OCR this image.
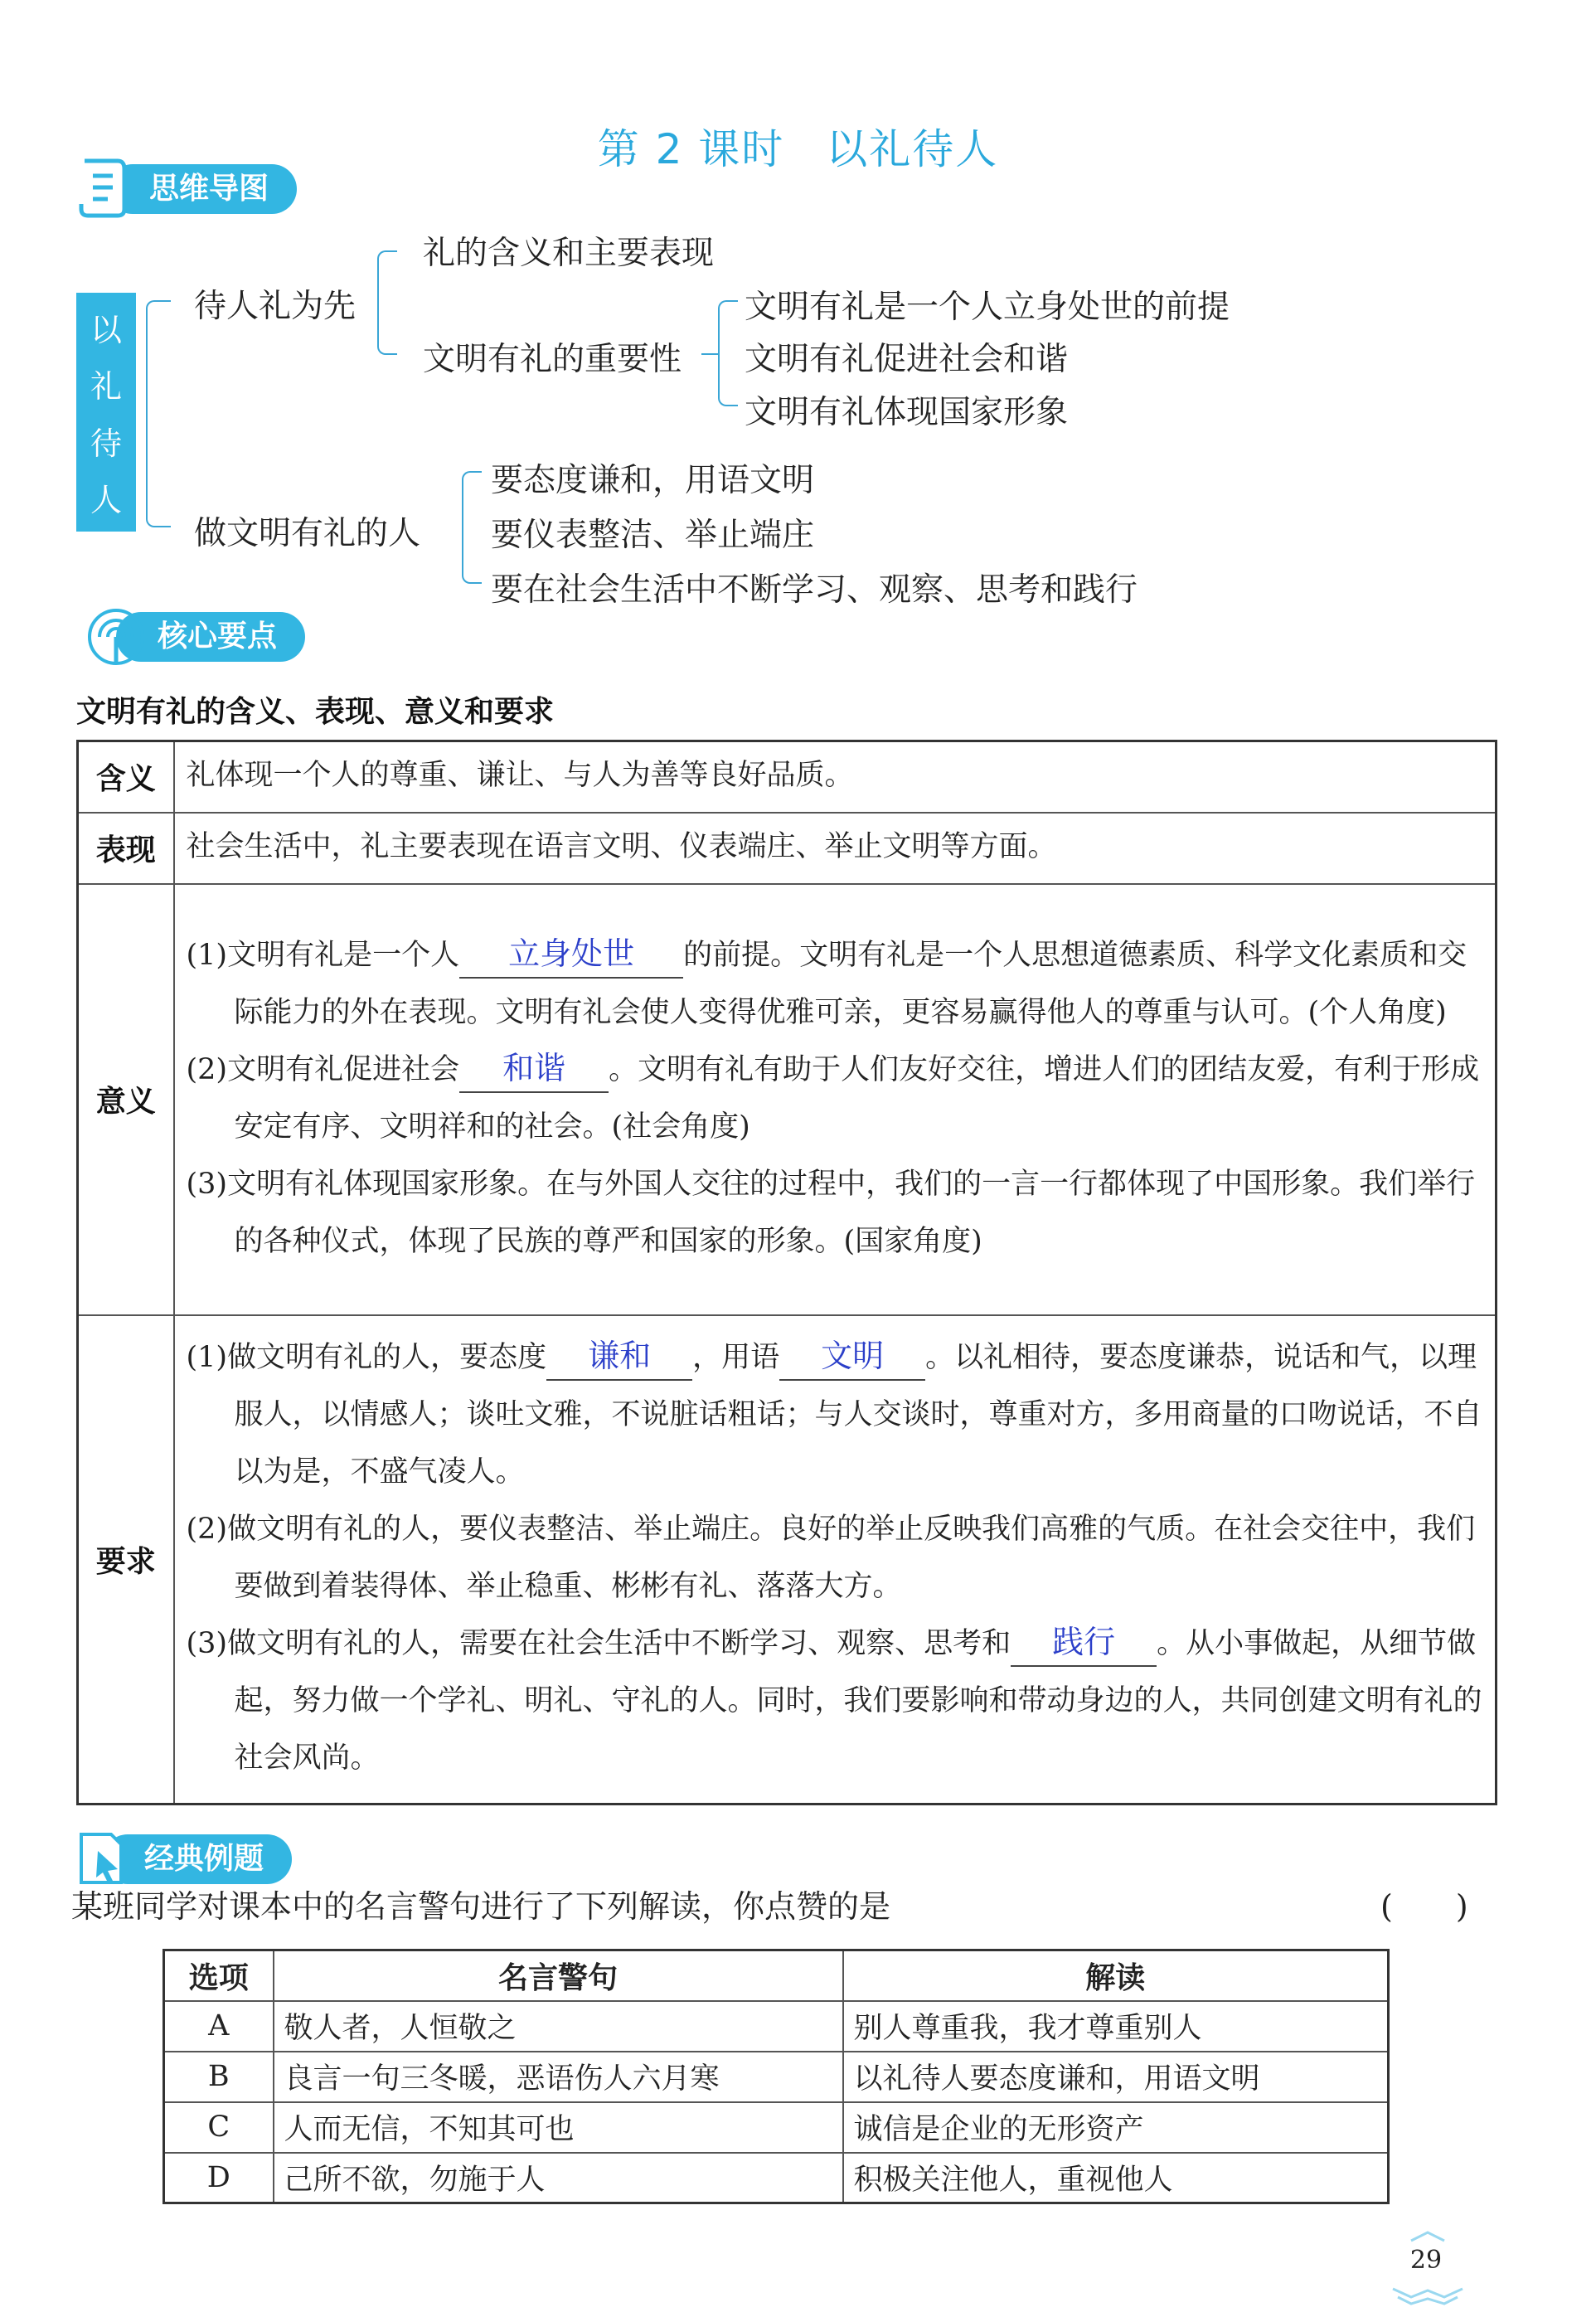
第 2 课时 以礼待人
思维导图
以
礼
待
人
待人礼为先
礼的含义和主要表现
文明有礼的重要性
文明有礼是一个人立身处世的前提
文明有礼促进社会和谐
文明有礼体现国家形象
做文明有礼的人
要态度谦和，用语文明
要仪表整洁、举止端庄
要在社会生活中不断学习、观察、思考和践行
核心要点
文明有礼的含义、表现、意义和要求
含义	礼体现一个人的尊重、谦让、与人为善等良好品质。
表现	社会生活中，礼主要表现在语言文明、仪表端庄、举止文明等方面。
意义	(1)文明有礼是一个人 立身处世 的前提。文明有礼是一个人思想道德素质、科学文化素质和交际能力的外在表现。文明有礼会使人变得优雅可亲，更容易赢得他人的尊重与认可。(个人角度)
(2)文明有礼促进社会 和谐 。文明有礼有助于人们友好交往，增进人们的团结友爱，有利于形成安定有序、文明祥和的社会。(社会角度)
(3)文明有礼体现国家形象。在与外国人交往的过程中，我们的一言一行都体现了中国形象。我们举行的各种仪式，体现了民族的尊严和国家的形象。(国家角度)

要求	(1)做文明有礼的人，要态度 谦和 ，用语 文明 。以礼相待，要态度谦恭，说话和气，以理服人，以情感人；谈吐文雅，不说脏话粗话；与人交谈时，尊重对方，多用商量的口吻说话，不自以为是，不盛气凌人。
(2)做文明有礼的人，要仪表整洁、举止端庄。良好的举止反映我们高雅的气质。在社会交往中，我们要做到着装得体、举止稳重、彬彬有礼、落落大方。
(3)做文明有礼的人，需要在社会生活中不断学习、观察、思考和 践行 。从小事做起，从细节做起，努力做一个学礼、明礼、守礼的人。同时，我们要影响和带动身边的人，共同创建文明有礼的社会风尚。
经典例题
某班同学对课本中的名言警句进行了下列解读，你点赞的是	(　　)
选项	名言警句	解读
A	敬人者，人恒敬之	别人尊重我，我才尊重别人
B	良言一句三冬暖，恶语伤人六月寒	以礼待人要态度谦和，用语文明
C	人而无信，不知其可也	诚信是企业的无形资产
D	己所不欲，勿施于人	积极关注他人，重视他人
29
